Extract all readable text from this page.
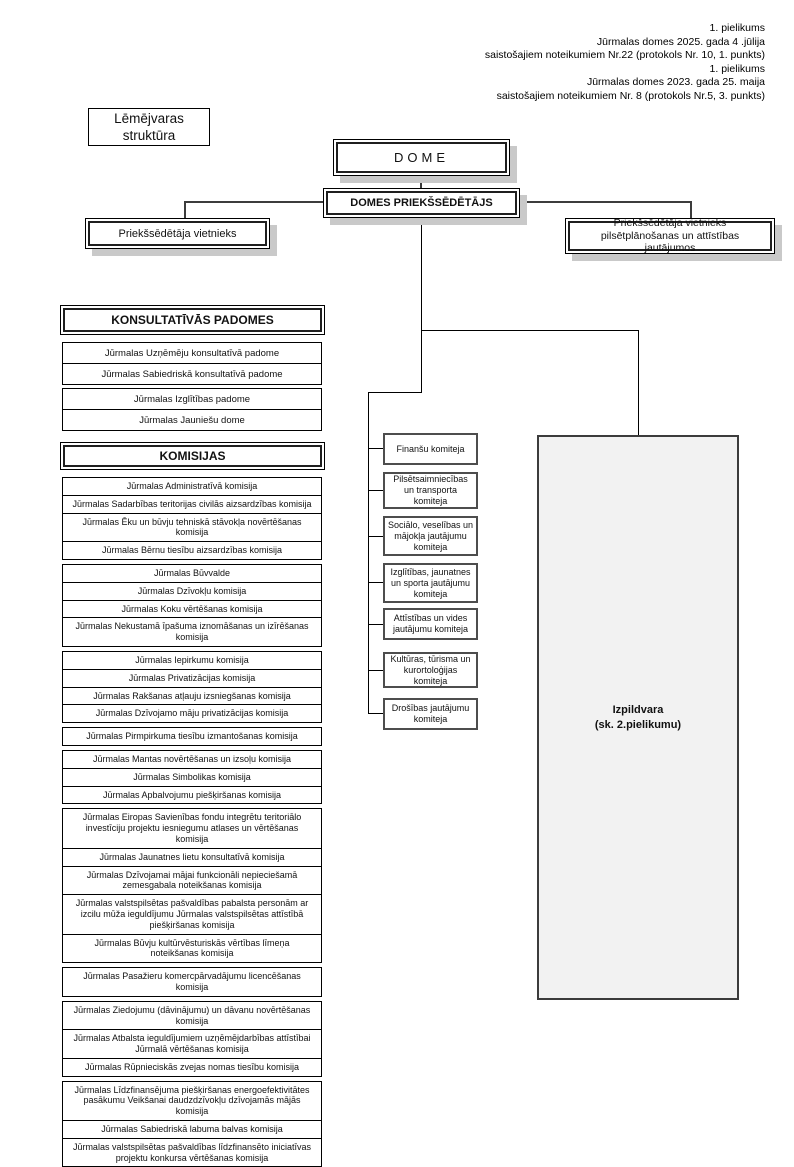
1. pielikums
Jūrmalas domes 2025. gada 4 .jūlija
saistošajiem noteikumiem Nr.22 (protokols Nr. 10, 1. punkts)
1. pielikums
Jūrmalas domes 2023. gada 25. maija
saistošajiem noteikumiem Nr. 8 (protokols Nr.5, 3. punkts)
Lēmējvaras struktūra
DOME
DOMES PRIEKŠSĒDĒTĀJS
Priekšsēdētāja vietnieks
Priekšsēdētāja vietnieks pilsētplānošanas un attīstības jautājumos
KONSULTATĪVĀS PADOMES
Jūrmalas Uzņēmēju konsultatīvā padome
Jūrmalas Sabiedriskā konsultatīvā padome
Jūrmalas Izglītības padome
Jūrmalas Jauniešu dome
KOMISIJAS
Jūrmalas Administratīvā komisija
Jūrmalas Sadarbības teritorijas civilās aizsardzības komisija
Jūrmalas Ēku un būvju tehniskā stāvokļa novērtēšanas komisija
Jūrmalas Bērnu tiesību aizsardzības komisija
Jūrmalas Būvvalde
Jūrmalas Dzīvokļu komisija
Jūrmalas Koku vērtēšanas komisija
Jūrmalas Nekustamā īpašuma iznomāšanas un izīrēšanas komisija
Jūrmalas Iepirkumu komisija
Jūrmalas Privatizācijas komisija
Jūrmalas Rakšanas atļauju izsniegšanas komisija
Jūrmalas Dzīvojamo māju privatizācijas komisija
Jūrmalas Pirmpirkuma tiesību izmantošanas komisija
Jūrmalas Mantas novērtēšanas un izsoļu komisija
Jūrmalas Simbolikas komisija
Jūrmalas Apbalvojumu piešķiršanas komisija
Jūrmalas Eiropas Savienības fondu integrētu teritoriālo investīciju projektu iesniegumu atlases un vērtēšanas komisija
Jūrmalas Jaunatnes lietu konsultatīvā komisija
Jūrmalas Dzīvojamai mājai funkcionāli nepieciešamā zemesgabala noteikšanas komisija
Jūrmalas valstspilsētas pašvaldības pabalsta personām ar izcilu mūža ieguldījumu Jūrmalas valstspilsētas attīstībā piešķiršanas komisija
Jūrmalas Būvju kultūrvēsturiskās vērtības līmeņa noteikšanas komisija
Jūrmalas Pasažieru komercpārvadājumu licencēšanas komisija
Jūrmalas Ziedojumu (dāvinājumu) un dāvanu novērtēšanas komisija
Jūrmalas Atbalsta ieguldījumiem uzņēmējdarbības attīstībai Jūrmalā vērtēšanas komisija
Jūrmalas Rūpnieciskās zvejas nomas tiesību komisija
Jūrmalas Līdzfinansējuma piešķiršanas energoefektivitātes pasākumu Veikšanai daudzdzīvokļu dzīvojamās mājās komisija
Jūrmalas Sabiedriskā labuma balvas komisija
Jūrmalas valstspilsētas pašvaldības līdzfinansēto iniciatīvas projektu konkursa vērtēšanas komisija
Finanšu komiteja
Pilsētsaimniecības un transporta komiteja
Sociālo, veselības un mājokļa jautājumu komiteja
Izglītības, jaunatnes un sporta jautājumu komiteja
Attīstības un vides jautājumu komiteja
Kultūras, tūrisma un kurortoloģijas komiteja
Drošības jautājumu komiteja
Izpildvara
(sk. 2.pielikumu)
